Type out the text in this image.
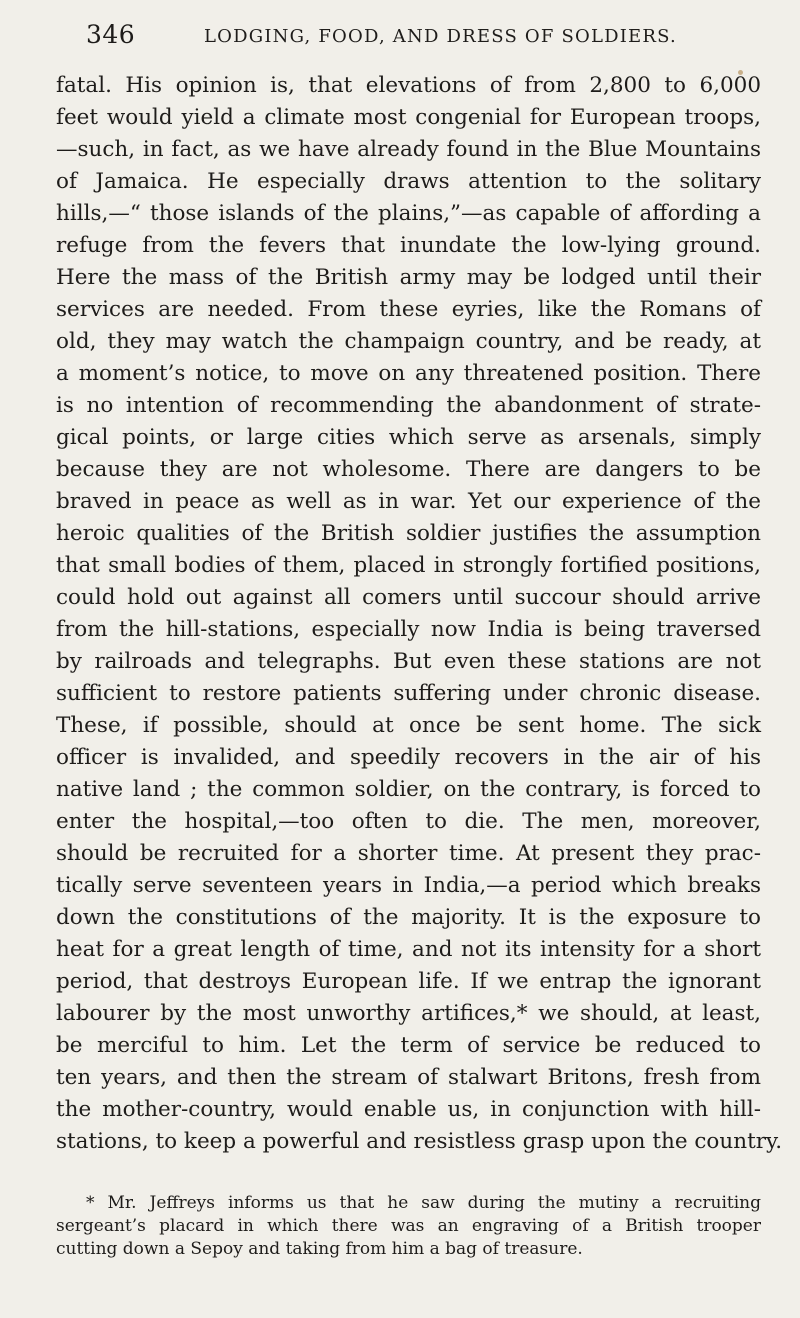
346	LODGING, FOOD, AND DRESS OF SOLDIERS.
fatal. His opinion is, that elevations of from 2,800 to 6,000
feet would yield a climate most congenial for European troops,
—such, in fact, as we have already found in the Blue Mountains
of Jamaica. He especially draws attention to the solitary
hills,—“ those islands of the plains,”—as capable of affording a
refuge from the fevers that inundate the low-lying ground.
Here the mass of the British army may be lodged until their
services are needed. From these eyries, like the Romans of
old, they may watch the champaign country, and be ready, at
a moment’s notice, to move on any threatened position. There
is no intention of recommending the abandonment of strate-
gical points, or large cities which serve as arsenals, simply
because they are not wholesome. There are dangers to be
braved in peace as well as in war. Yet our experience of the
heroic qualities of the British soldier justifies the assumption
that small bodies of them, placed in strongly fortified positions,
could hold out against all comers until succour should arrive
from the hill-stations, especially now India is being traversed
by railroads and telegraphs. But even these stations are not
sufficient to restore patients suffering under chronic disease.
These, if possible, should at once be sent home. The sick
officer is invalided, and speedily recovers in the air of his
native land ; the common soldier, on the contrary, is forced to
enter the hospital,—too often to die. The men, moreover,
should be recruited for a shorter time. At present they prac-
tically serve seventeen years in India,—a period which breaks
down the constitutions of the majority. It is the exposure to
heat for a great length of time, and not its intensity for a short
period, that destroys European life. If we entrap the ignorant
labourer by the most unworthy artifices,* we should, at least,
be merciful to him. Let the term of service be reduced to
ten years, and then the stream of stalwart Britons, fresh from
the mother-country, would enable us, in conjunction with hill-
stations, to keep a powerful and resistless grasp upon the country.
* Mr. Jeffreys informs us that he saw during the mutiny a recruiting
sergeant’s placard in which there was an engraving of a British trooper
cutting down a Sepoy and taking from him a bag of treasure.
